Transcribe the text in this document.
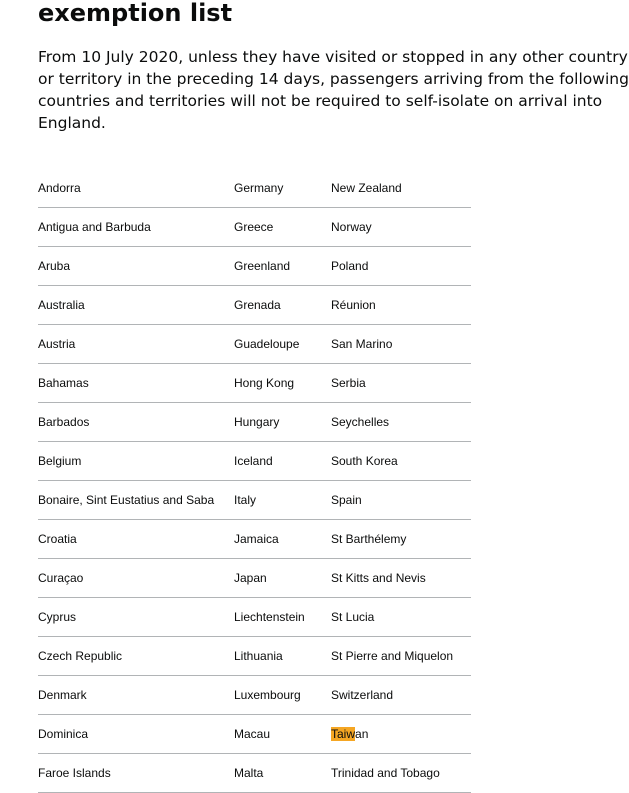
exemption list

From 10 July 2020, unless they have visited or stopped in any other country or territory in the preceding 14 days, passengers arriving from the following countries and territories will not be required to self-isolate on arrival into England.

Andorra	Germany	New Zealand
Antigua and Barbuda	Greece	Norway
Aruba	Greenland	Poland
Australia	Grenada	Réunion
Austria	Guadeloupe	San Marino
Bahamas	Hong Kong	Serbia
Barbados	Hungary	Seychelles
Belgium	Iceland	South Korea
Bonaire, Sint Eustatius and Saba	Italy	Spain
Croatia	Jamaica	St Barthélemy
Curaçao	Japan	St Kitts and Nevis
Cyprus	Liechtenstein	St Lucia
Czech Republic	Lithuania	St Pierre and Miquelon
Denmark	Luxembourg	Switzerland
Dominica	Macau	Taiwan
Faroe Islands	Malta	Trinidad and Tobago
